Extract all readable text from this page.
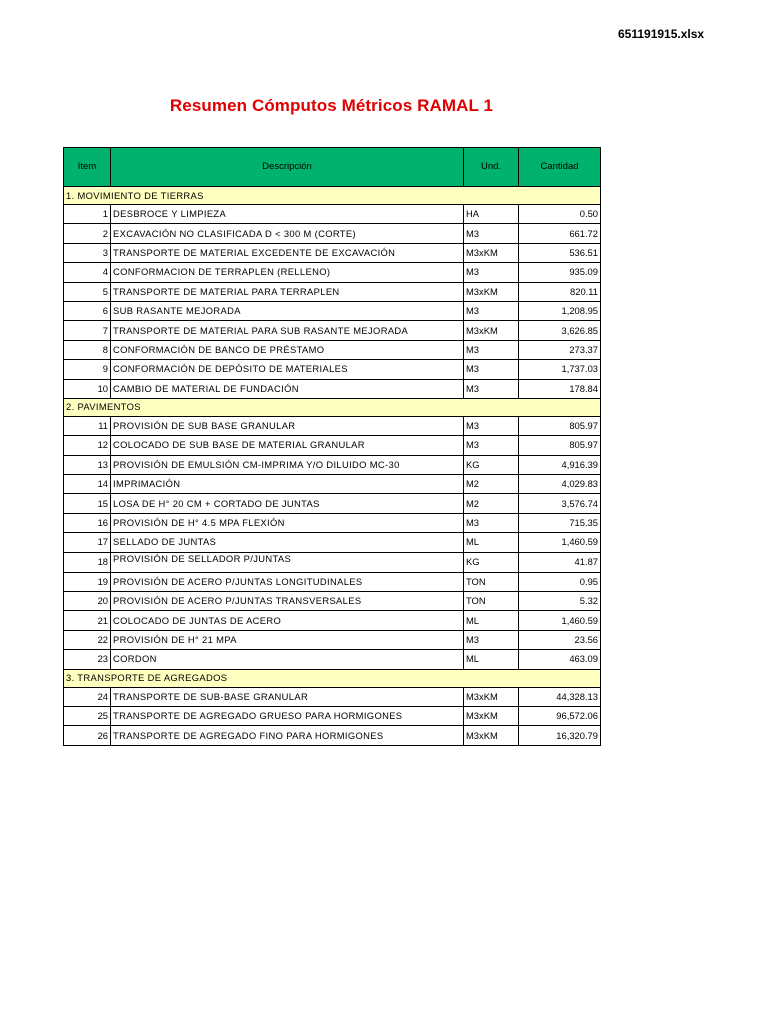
651191915.xlsx
Resumen Cómputos Métricos RAMAL 1
Item	Descripción	Und.	Cantidad
1. MOVIMIENTO DE TIERRAS			
1	DESBROCE Y LIMPIEZA	HA	0.50
2	EXCAVACIÓN NO CLASIFICADA D < 300 M (CORTE)	M3	661.72
3	TRANSPORTE DE MATERIAL EXCEDENTE DE EXCAVACIÓN	M3xKM	536.51
4	CONFORMACION DE TERRAPLEN (RELLENO)	M3	935.09
5	TRANSPORTE DE MATERIAL PARA TERRAPLEN	M3xKM	820.11
6	SUB RASANTE MEJORADA	M3	1,208.95
7	TRANSPORTE DE MATERIAL PARA SUB RASANTE MEJORADA	M3xKM	3,626.85
8	CONFORMACIÓN DE BANCO DE PRÉSTAMO	M3	273.37
9	CONFORMACIÓN DE DEPÓSITO DE MATERIALES	M3	1,737.03
10	CAMBIO DE MATERIAL DE FUNDACIÓN	M3	178.84
2. PAVIMENTOS			
11	PROVISIÓN DE SUB BASE GRANULAR	M3	805.97
12	COLOCADO DE SUB BASE DE MATERIAL GRANULAR	M3	805.97
13	PROVISIÓN DE EMULSIÓN CM-IMPRIMA Y/O DILUIDO MC-30	KG	4,916.39
14	IMPRIMACIÓN	M2	4,029.83
15	LOSA DE H° 20 CM + CORTADO DE JUNTAS	M2	3,576.74
16	PROVISIÓN DE H° 4.5 MPA FLEXIÓN	M3	715.35
17	SELLADO DE JUNTAS	ML	1,460.59
18	PROVISIÓN DE SELLADOR P/JUNTAS	KG	41.87
19	PROVISIÓN DE ACERO P/JUNTAS LONGITUDINALES	TON	0.95
20	PROVISIÓN DE ACERO P/JUNTAS TRANSVERSALES	TON	5.32
21	COLOCADO DE JUNTAS DE ACERO	ML	1,460.59
22	PROVISIÓN DE H° 21 MPA	M3	23.56
23	CORDON	ML	463.09
3. TRANSPORTE DE AGREGADOS			
24	TRANSPORTE DE SUB-BASE GRANULAR	M3xKM	44,328.13
25	TRANSPORTE DE AGREGADO GRUESO PARA HORMIGONES	M3xKM	96,572.06
26	TRANSPORTE DE AGREGADO FINO PARA HORMIGONES	M3xKM	16,320.79
